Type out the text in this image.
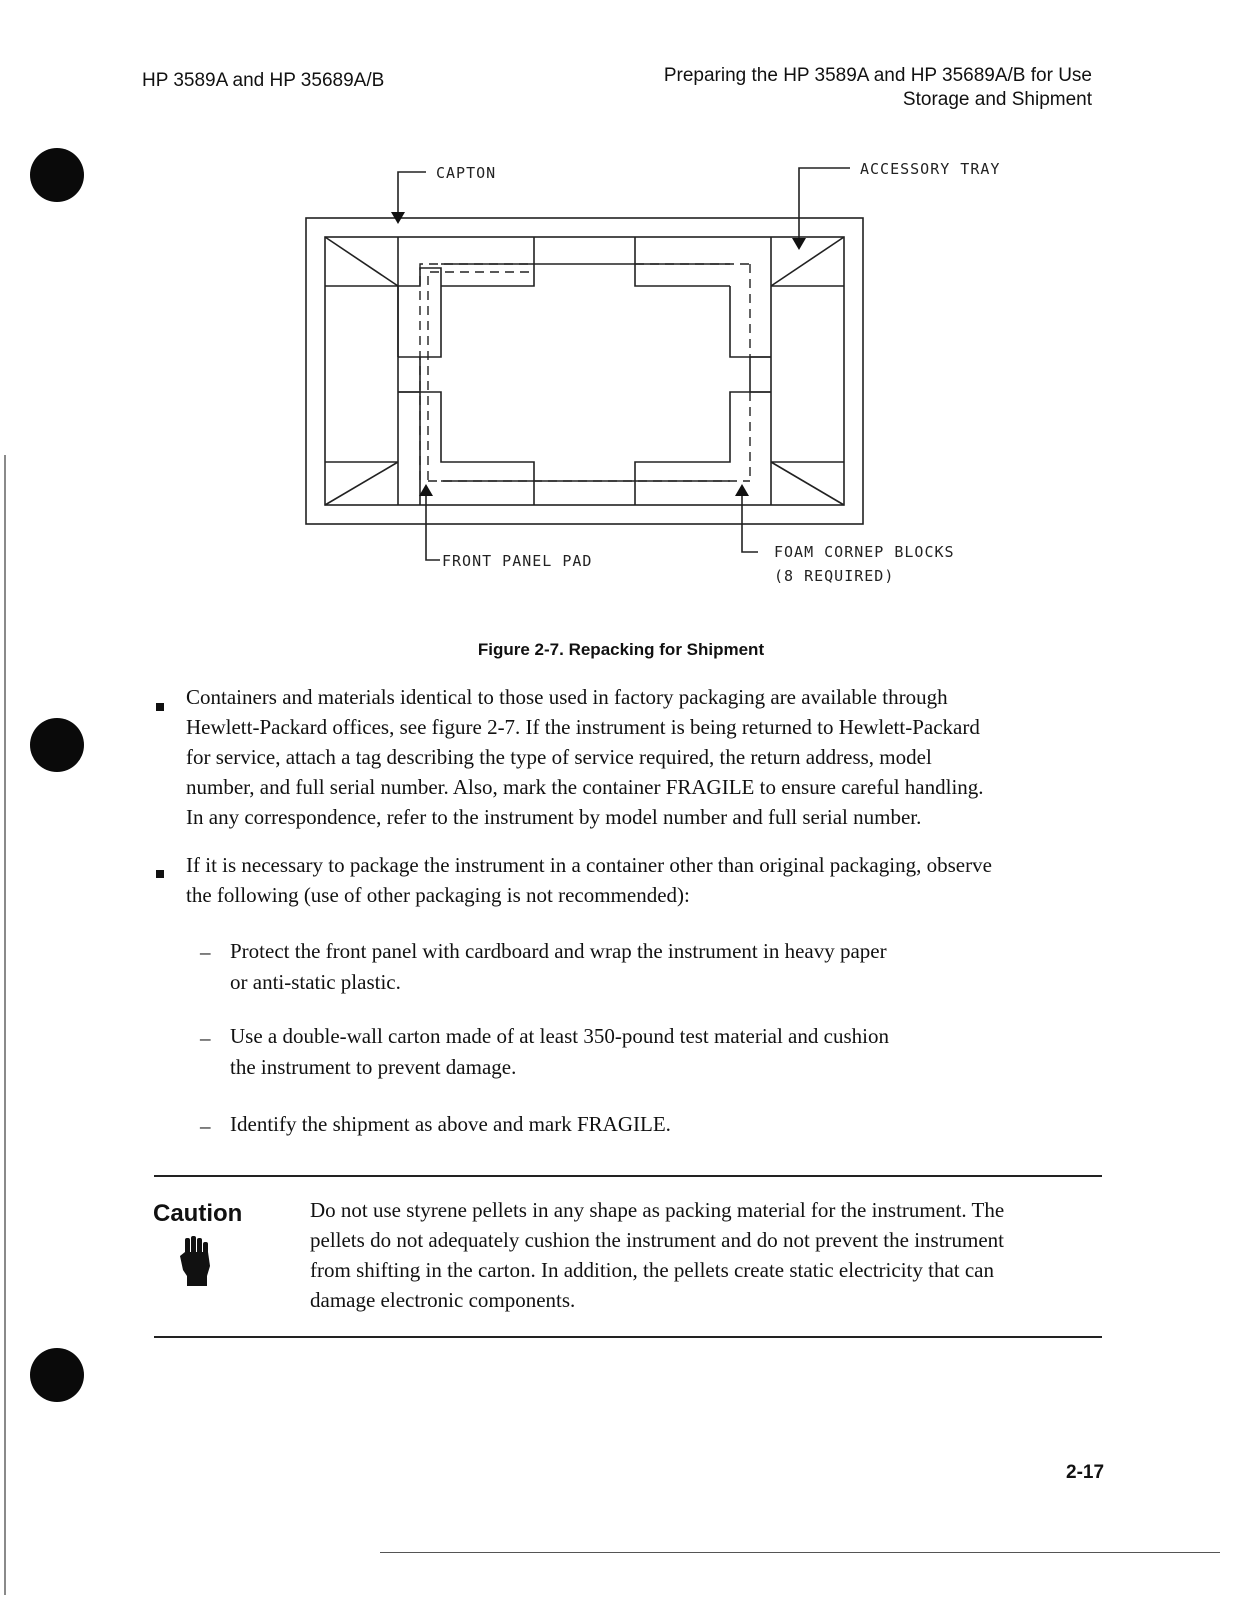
HP 3589A and HP 35689A/B	Preparing the HP 3589A and HP 35689A/B for Use
Storage and Shipment
CAPTON	ACCESSORY TRAY
FRONT PANEL PAD	FOAM CORNEP BLOCKS
(8 REQUIRED)
Figure 2-7. Repacking for Shipment
Containers and materials identical to those used in factory packaging are available through
Hewlett-Packard offices, see figure 2-7. If the instrument is being returned to Hewlett-Packard
for service, attach a tag describing the type of service required, the return address, model
number, and full serial number. Also, mark the container FRAGILE to ensure careful handling.
In any correspondence, refer to the instrument by model number and full serial number.
If it is necessary to package the instrument in a container other than original packaging, observe
the following (use of other packaging is not recommended):
– Protect the front panel with cardboard and wrap the instrument in heavy paper
or anti-static plastic.
– Use a double-wall carton made of at least 350-pound test material and cushion
the instrument to prevent damage.
– Identify the shipment as above and mark FRAGILE.
Caution	Do not use styrene pellets in any shape as packing material for the instrument. The
pellets do not adequately cushion the instrument and do not prevent the instrument
from shifting in the carton. In addition, the pellets create static electricity that can
damage electronic components.
2-17
